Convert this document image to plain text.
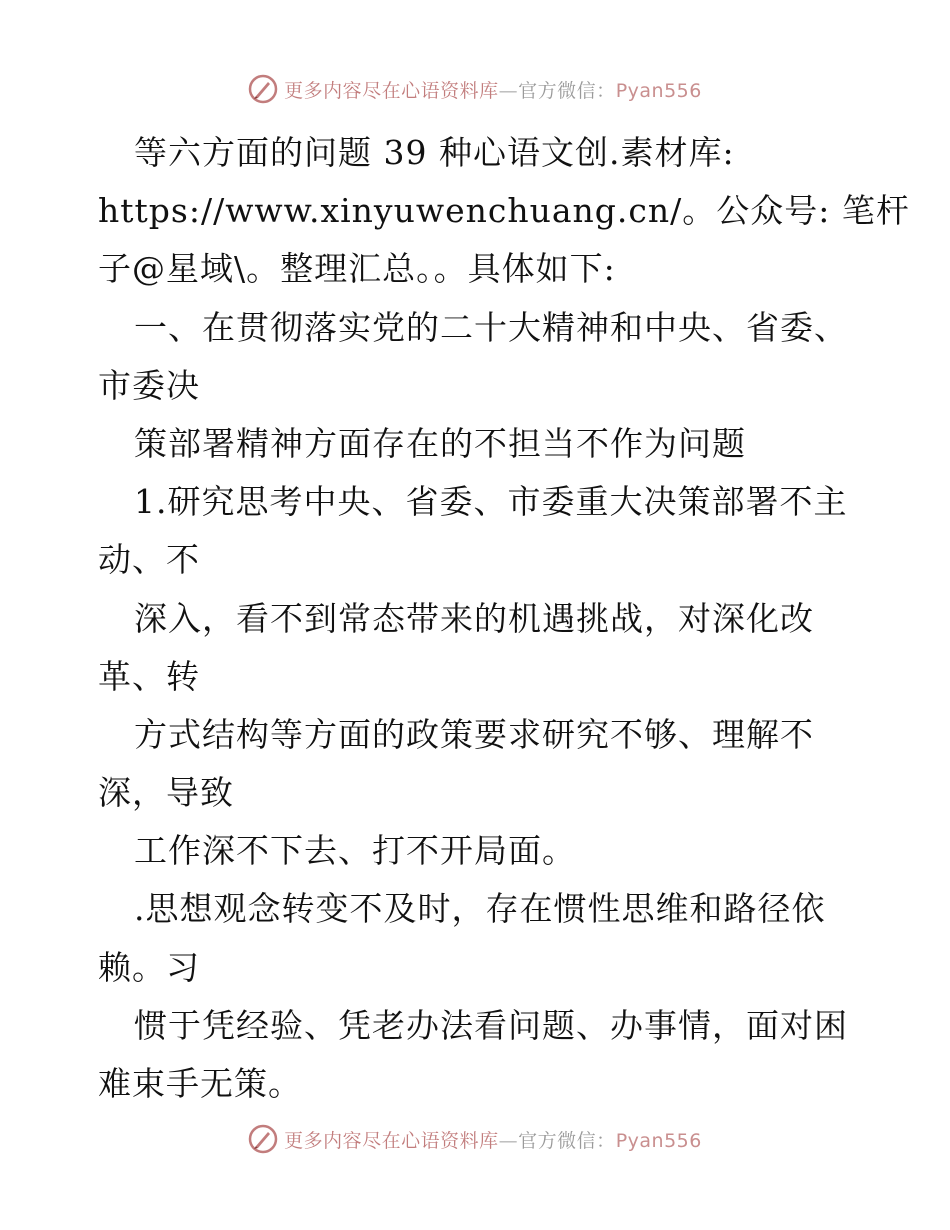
更多内容尽在心语资料库—官方微信：Pyan556
等六方面的问题 39 种心语文创.素材库:
https://www.xinyuwenchuang.cn/。公众号: 笔杆
子@星域\。整理汇总。。具体如下:
一、在贯彻落实党的二十大精神和中央、省委、
市委决
策部署精神方面存在的不担当不作为问题
1.研究思考中央、省委、市委重大决策部署不主
动、不
深入，看不到常态带来的机遇挑战，对深化改
革、转
方式结构等方面的政策要求研究不够、理解不
深，导致
工作深不下去、打不开局面。
.思想观念转变不及时，存在惯性思维和路径依
赖。习
惯于凭经验、凭老办法看问题、办事情，面对困
难束手无策。
更多内容尽在心语资料库—官方微信：Pyan556
